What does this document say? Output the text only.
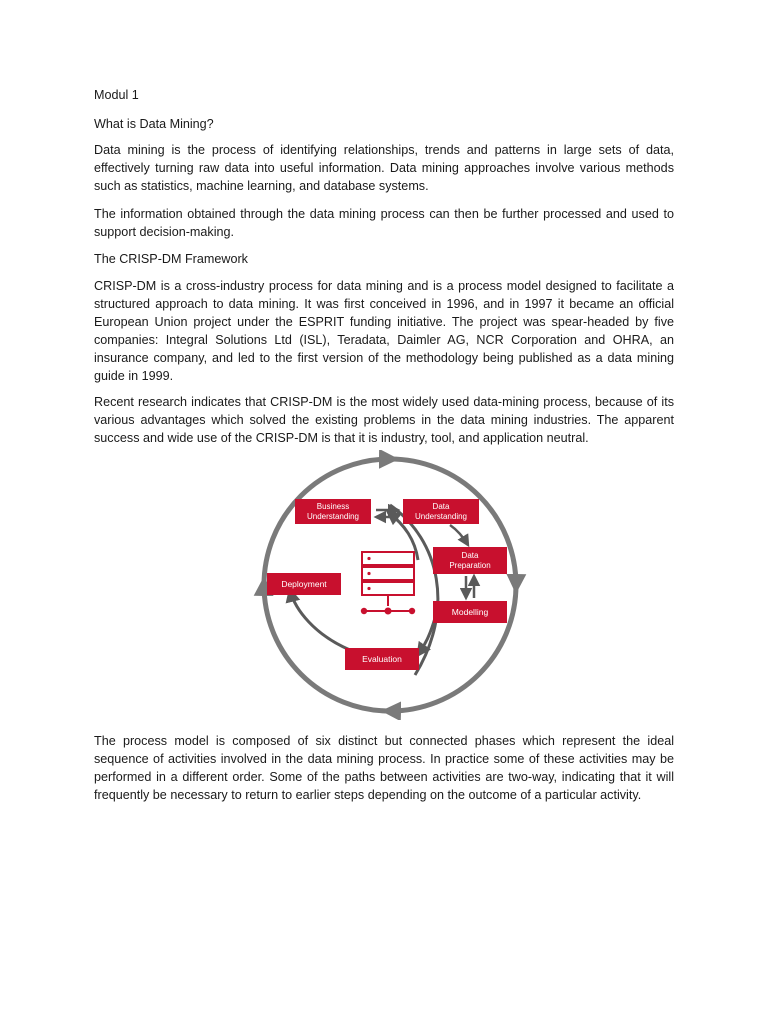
Modul 1

What is Data Mining?

Data mining is the process of identifying relationships, trends and patterns in large sets of data, effectively turning raw data into useful information. Data mining approaches involve various methods such as statistics, machine learning, and database systems.

The information obtained through the data mining process can then be further processed and used to support decision-making.

The CRISP-DM Framework

CRISP-DM is a cross-industry process for data mining and is a process model designed to facilitate a structured approach to data mining. It was first conceived in 1996, and in 1997 it became an official European Union project under the ESPRIT funding initiative. The project was spear-headed by five companies: Integral Solutions Ltd (ISL), Teradata, Daimler AG, NCR Corporation and OHRA, an insurance company, and led to the first version of the methodology being published as a data mining guide in 1999.

Recent research indicates that CRISP-DM is the most widely used data-mining process, because of its various advantages which solved the existing problems in the data mining industries. The apparent success and wide use of the CRISP-DM is that it is industry, tool, and application neutral.

Business
Understanding
Data
Understanding
Data
Preparation
Modelling
Evaluation
Deployment

The process model is composed of six distinct but connected phases which represent the ideal sequence of activities involved in the data mining process. In practice some of these activities may be performed in a different order. Some of the paths between activities are two-way, indicating that it will frequently be necessary to return to earlier steps depending on the outcome of a particular activity.
